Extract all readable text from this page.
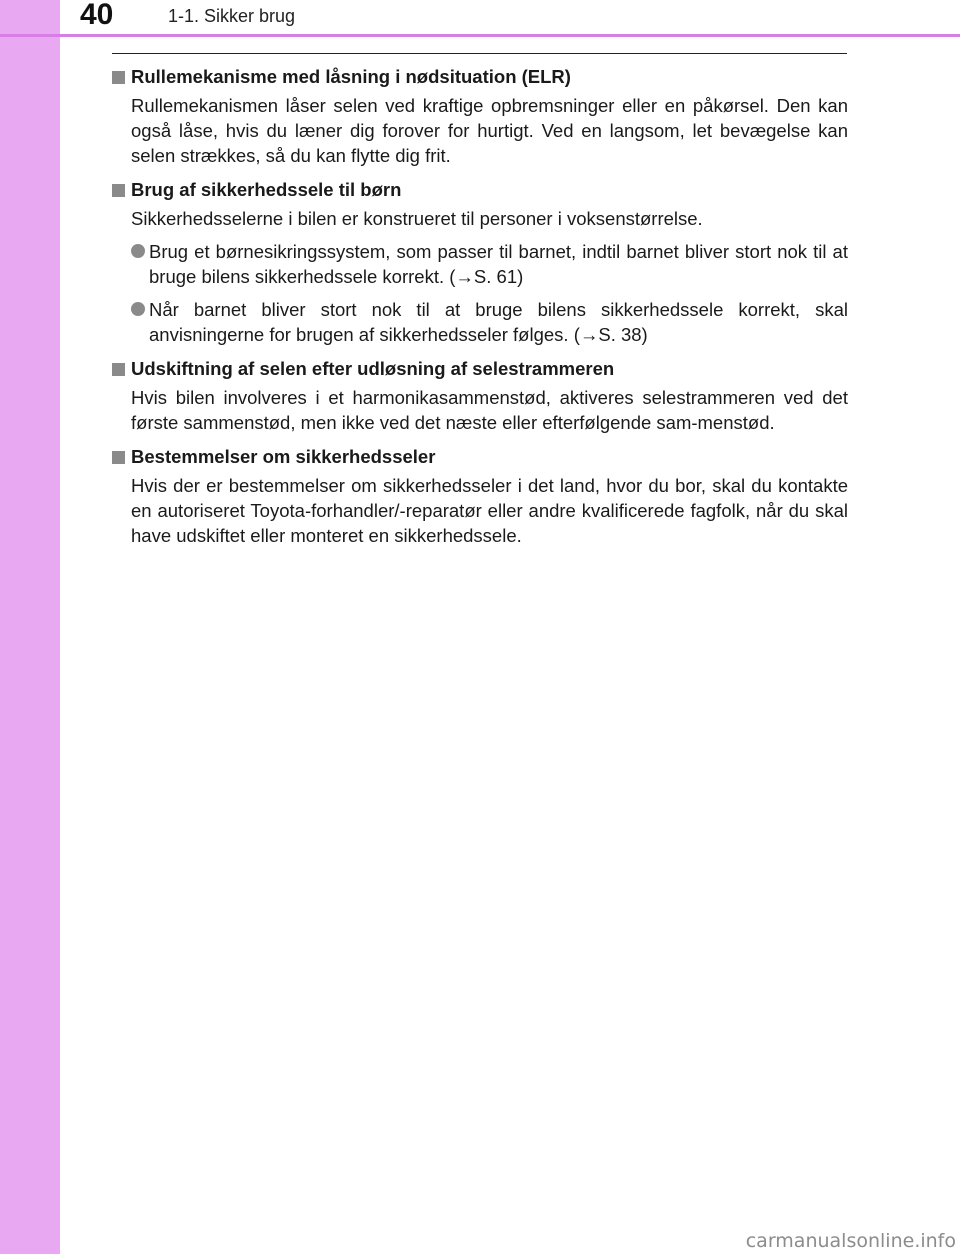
40	1-1. Sikker brug
Rullemekanisme med låsning i nødsituation (ELR)
Rullemekanismen låser selen ved kraftige opbremsninger eller en påkørsel. Den kan også låse, hvis du læner dig forover for hurtigt. Ved en langsom, let bevægelse kan selen strækkes, så du kan flytte dig frit.
Brug af sikkerhedssele til børn
Sikkerhedsselerne i bilen er konstrueret til personer i voksenstørrelse.
Brug et børnesikringssystem, som passer til barnet, indtil barnet bliver stort nok til at bruge bilens sikkerhedssele korrekt. (→S. 61)
Når barnet bliver stort nok til at bruge bilens sikkerhedssele korrekt, skal anvisningerne for brugen af sikkerhedsseler følges. (→S. 38)
Udskiftning af selen efter udløsning af selestrammeren
Hvis bilen involveres i et harmonikasammenstød, aktiveres selestrammeren ved det første sammenstød, men ikke ved det næste eller efterfølgende sam-menstød.
Bestemmelser om sikkerhedsseler
Hvis der er bestemmelser om sikkerhedsseler i det land, hvor du bor, skal du kontakte en autoriseret Toyota-forhandler/-reparatør eller andre kvalificerede fagfolk, når du skal have udskiftet eller monteret en sikkerhedssele.
carmanualsonline.info
